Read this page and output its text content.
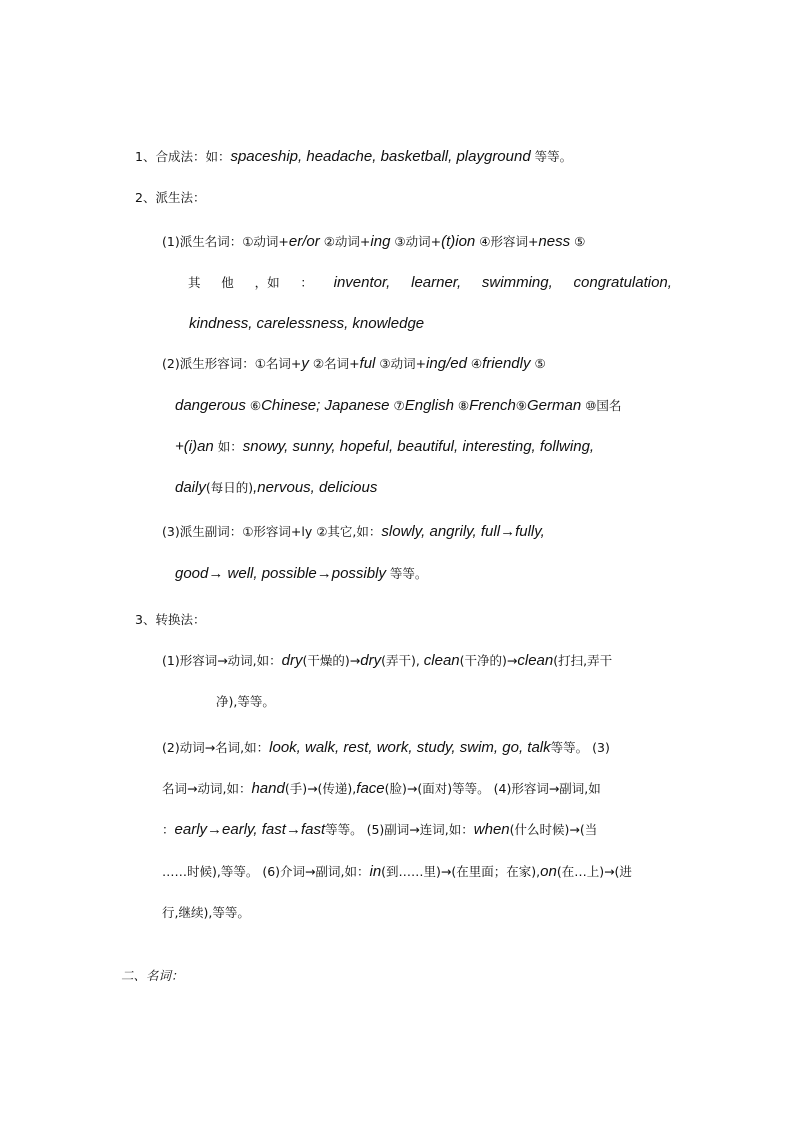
1、合成法：如：spaceship, headache, basketball, playground 等等。
2、派生法：
(1)派生名词：①动词+er/or ②动词+ing ③动词+(t)ion ④形容词+ness ⑤
其 他 ，如 ： inventor, learner, swimming, congratulation,
kindness, carelessness, knowledge
(2)派生形容词：①名词+y ②名词+ful ③动词+ing/ed ④friendly ⑤
dangerous ⑥Chinese; Japanese ⑦English ⑧French⑨German ⑩国名
+(i)an 如：snowy, sunny, hopeful, beautiful, interesting, follwing,
daily(每日的),nervous, delicious
(3)派生副词：①形容词+ly ②其它,如：slowly, angrily, full→fully,
good→ well, possible→possibly 等等。
3、转换法：
(1)形容词→动词,如：dry(干燥的)→dry(弄干), clean(干净的)→clean(打扫,弄干
净),等等。
(2)动词→名词,如：look, walk, rest, work, study, swim, go, talk等等。 (3)
名词→动词,如：hand(手)→(传递),face(脸)→(面对)等等。 (4)形容词→副词,如
：early→early, fast→fast等等。 (5)副词→连词,如：when(什么时候)→(当
……时候),等等。 (6)介词→副词,如：in(到……里)→(在里面；在家),on(在…上)→(进
行,继续),等等。
二、名词：
